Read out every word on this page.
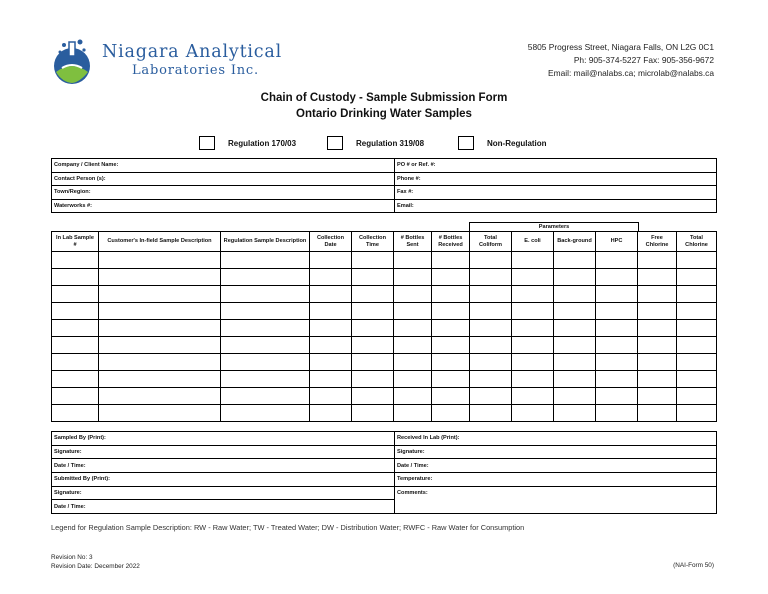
Niagara Analytical
Laboratories Inc.
5805 Progress Street, Niagara Falls, ON L2G 0C1
Ph: 905-374-5227 Fax: 905-356-9672
Email: mail@nalabs.ca; microlab@nalabs.ca
Chain of Custody - Sample Submission Form
Ontario Drinking Water Samples
Regulation 170/03	Regulation 319/08	Non-Regulation
Company / Client Name:	PO # or Ref. #:
Contact Person (s):	Phone #:
Town/Region:	Fax #:
Waterworks #:	Email:
Parameters
In Lab Sample #	Customer's In-field Sample Description	Regulation Sample Description	Collection Date	Collection Time	# Bottles Sent	# Bottles Received	Total Coliform	E. coli	Back-ground	HPC	Free Chlorine	Total Chlorine

Sampled By (Print):	Received In Lab (Print):
Signature:	Signature:
Date / Time:	Date / Time:
Submitted By (Print):	Temperature:
Signature:	Comments:
Date / Time:	
Legend for Regulation Sample Description: RW - Raw Water; TW - Treated Water; DW - Distribution Water; RWFC - Raw Water for Consumption
Revision No: 3
Revision Date: December 2022	(NAI-Form 50)
